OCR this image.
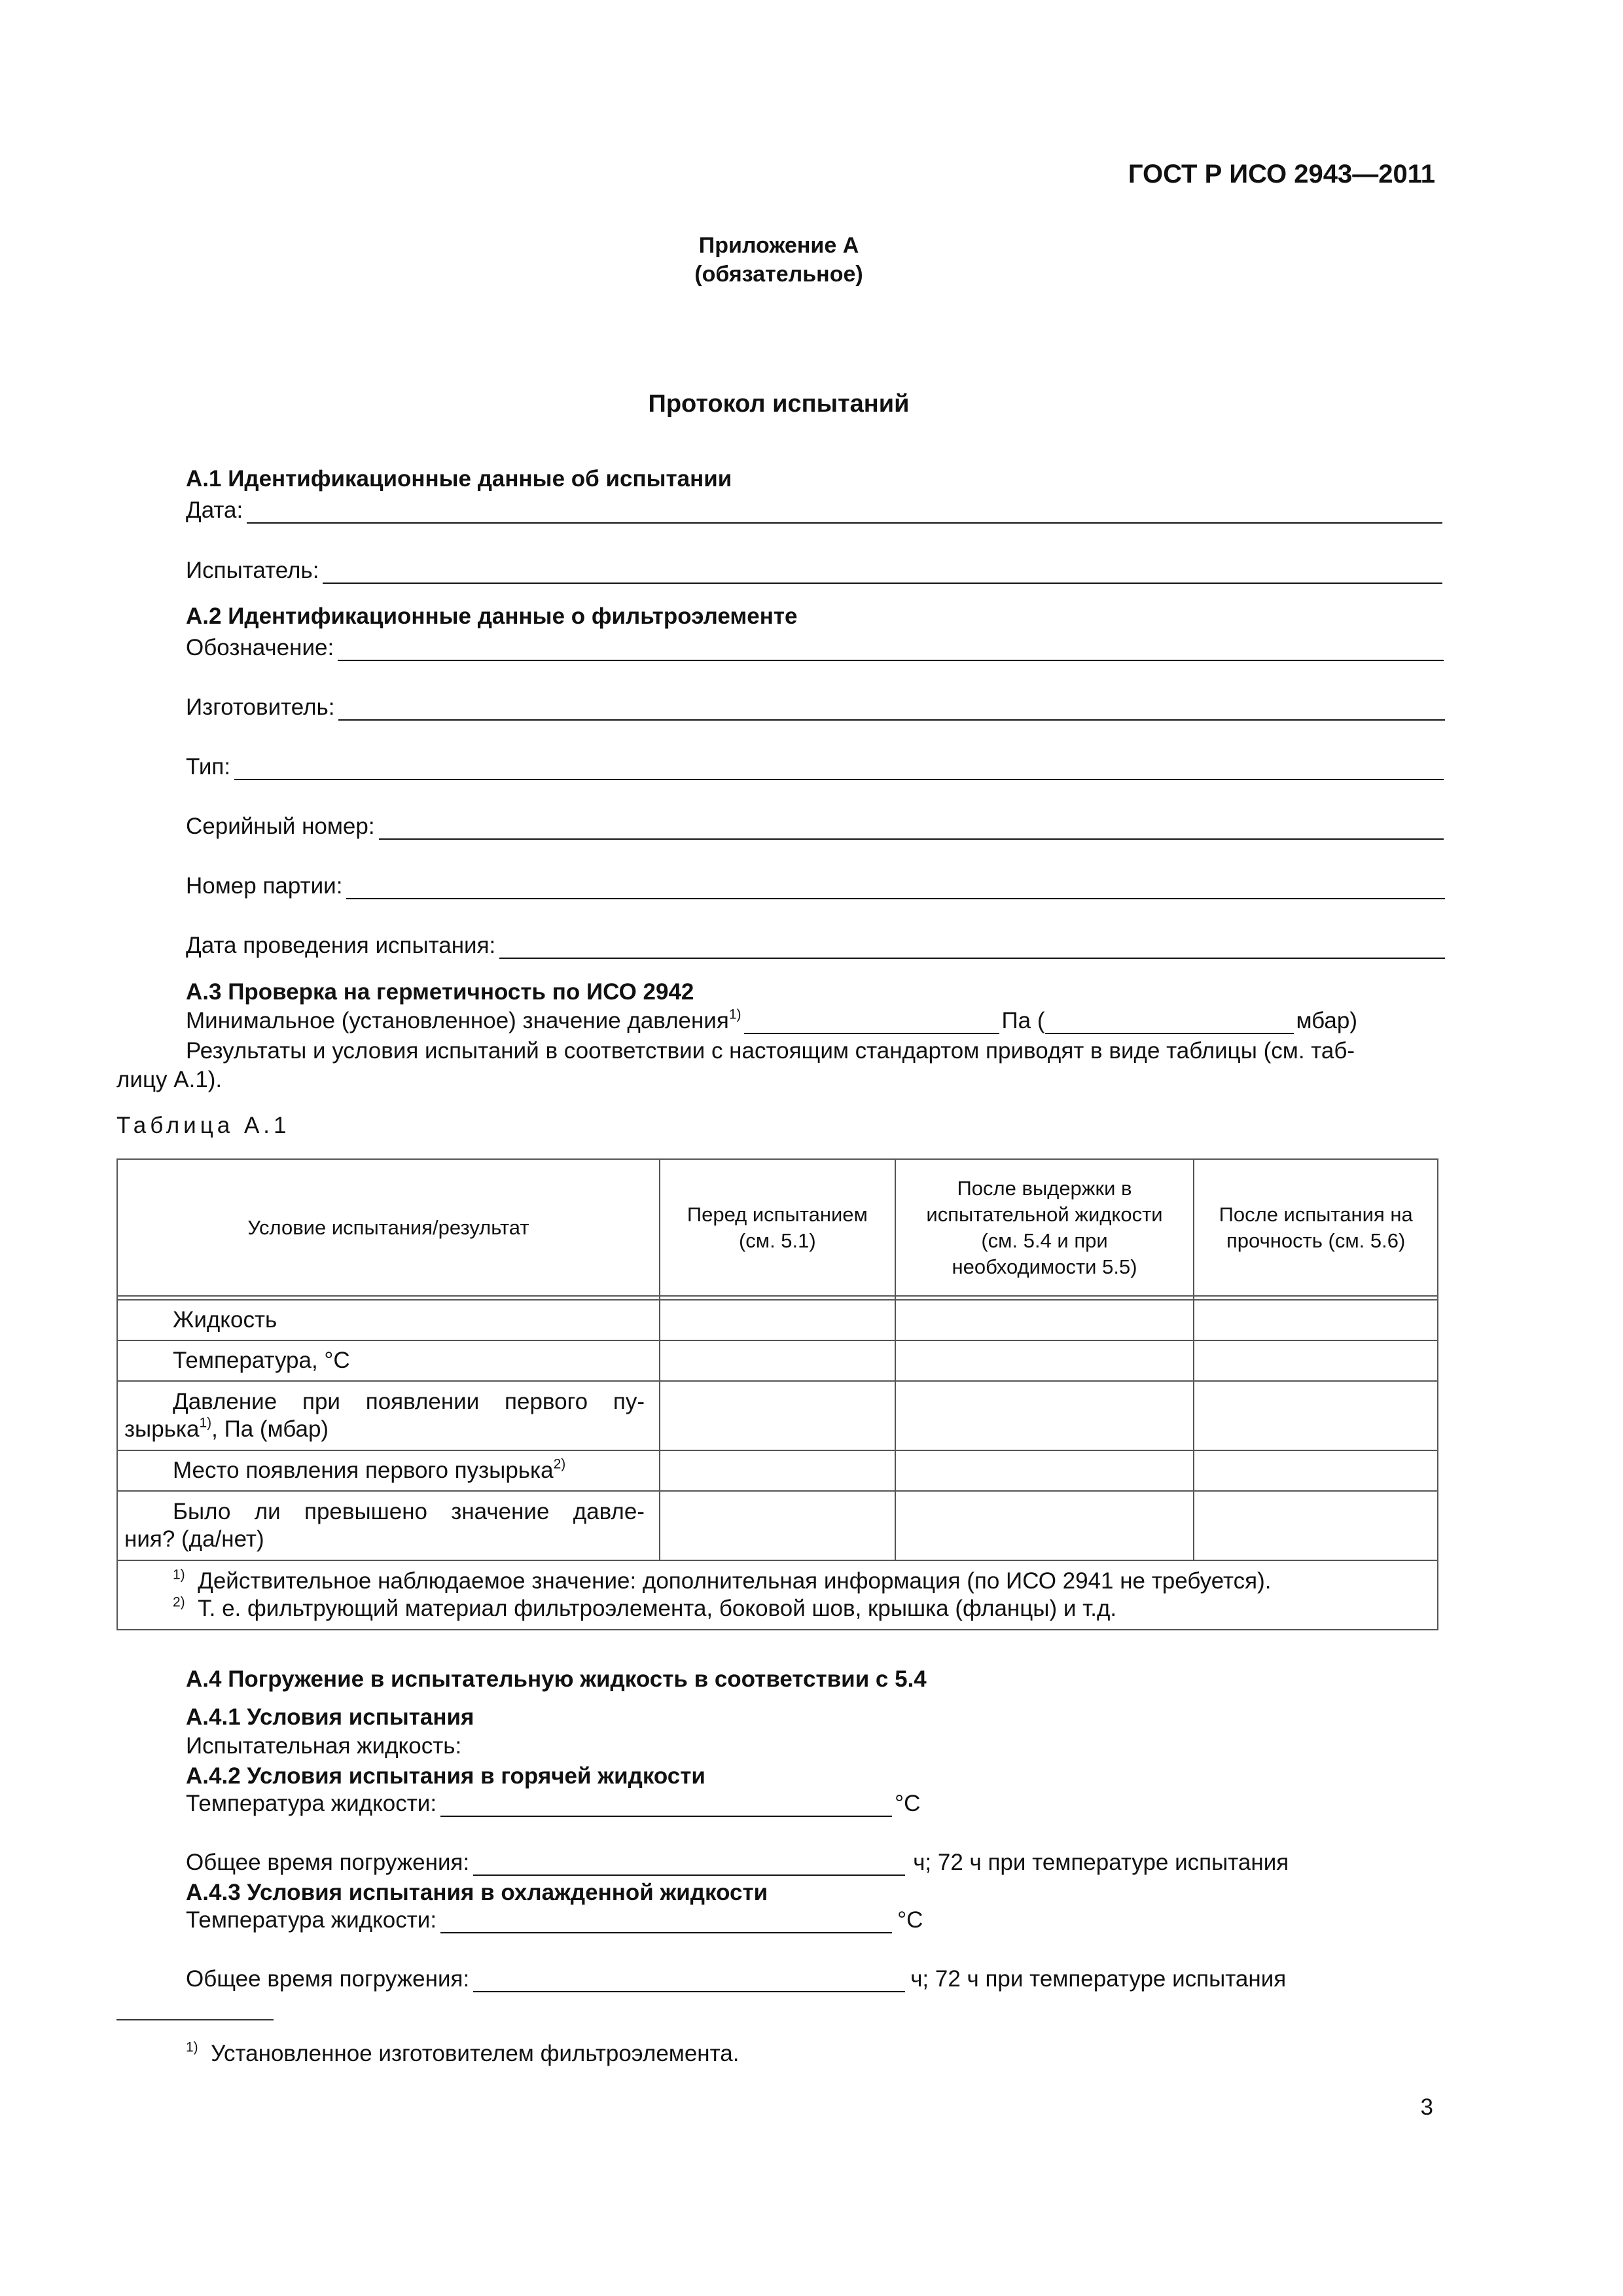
ГОСТ Р ИСО 2943—2011
Приложение А
(обязательное)
Протокол испытаний
А.1 Идентификационные данные об испытании
Дата:
Испытатель:
А.2 Идентификационные данные о фильтроэлементе
Обозначение:
Изготовитель:
Тип:
Серийный номер:
Номер партии:
Дата проведения испытания:
А.3 Проверка на герметичность по ИСО 2942
Минимальное (установленное) значение давления$^{1)}$	Па (	мбар)
Результаты и условия испытаний в соответствии с настоящим стандартом приводят в виде таблицы (см. таб-
лицу А.1).
Таблица А.1
Условие испытания/результат	Перед испытанием (см. 5.1)	После выдержки в испытательной жидкости (см. 5.4 и при необходимости 5.5)	После испытания на прочность (см. 5.6)

Жидкость			

Температура, °С			

Давление при появлении первого пу-
зырька$^{1)}$, Па (мбар)			

Место появления первого пузырька$^{2)}$

Было ли превышено значение давле-
ния? (да/нет)			

$^{1)}$ Действительное наблюдаемое значение: дополнительная информация (по ИСО 2941 не требуется).
$^{2)}$ Т. е. фильтрующий материал фильтроэлемента, боковой шов, крышка (фланцы) и т.д.			
А.4 Погружение в испытательную жидкость в соответствии с 5.4
А.4.1 Условия испытания
Испытательная жидкость:
А.4.2 Условия испытания в горячей жидкости
Температура жидкости:	°С
Общее время погружения:	ч; 72 ч при температуре испытания
А.4.3 Условия испытания в охлажденной жидкости
Температура жидкости:	°С
Общее время погружения:	ч; 72 ч при температуре испытания
$^{1)}$ Установленное изготовителем фильтроэлемента.
3
